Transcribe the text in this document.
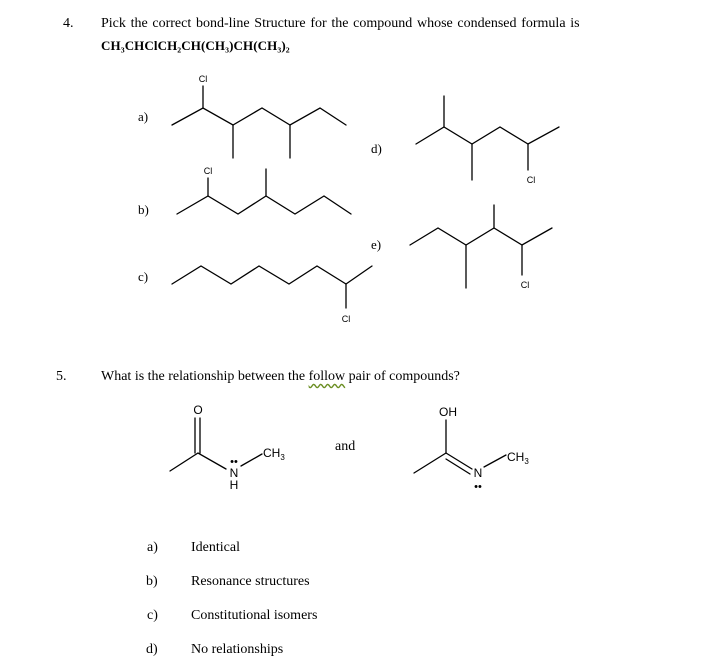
4. Pick the correct bond-line Structure for the compound whose condensed formula is
CH₃CHClCH₂CH(CH₃)CH(CH₃)₂
a)
b)
c)
d)
e)
Cl
Cl
Cl
Cl
Cl
5. What is the relationship between the follow pair of compounds?
O
••
N
H
$CH_3$
OH
N
••
$CH_3$
and
a) Identical
b) Resonance structures
c) Constitutional isomers
d) No relationships
